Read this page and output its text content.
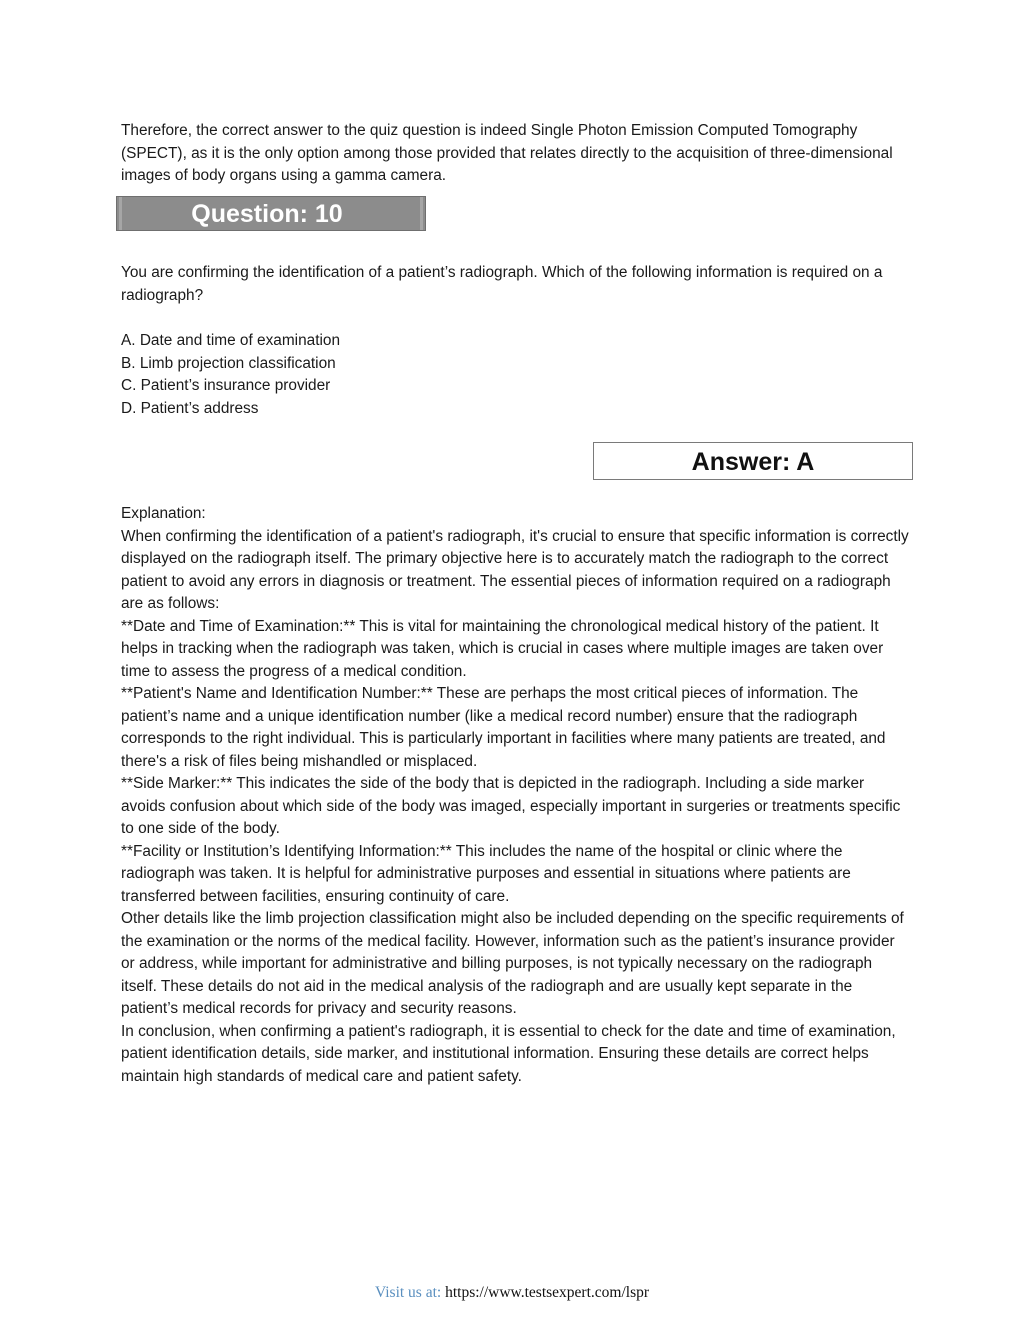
Therefore, the correct answer to the quiz question is indeed Single Photon Emission Computed Tomography (SPECT), as it is the only option among those provided that relates directly to the acquisition of three-dimensional images of body organs using a gamma camera.

Question: 10

You are confirming the identification of a patient’s radiograph. Which of the following information is required on a radiograph?

A. Date and time of examination
B. Limb projection classification
C. Patient’s insurance provider
D. Patient’s address
Answer: A

Explanation:

When confirming the identification of a patient's radiograph, it's crucial to ensure that specific information is correctly displayed on the radiograph itself. The primary objective here is to accurately match the radiograph to the correct patient to avoid any errors in diagnosis or treatment. The essential pieces of information required on a radiograph are as follows:

**Date and Time of Examination:** This is vital for maintaining the chronological medical history of the patient. It helps in tracking when the radiograph was taken, which is crucial in cases where multiple images are taken over time to assess the progress of a medical condition.

**Patient's Name and Identification Number:** These are perhaps the most critical pieces of information. The patient’s name and a unique identification number (like a medical record number) ensure that the radiograph corresponds to the right individual. This is particularly important in facilities where many patients are treated, and there's a risk of files being mishandled or misplaced.

**Side Marker:** This indicates the side of the body that is depicted in the radiograph. Including a side marker avoids confusion about which side of the body was imaged, especially important in surgeries or treatments specific to one side of the body.

**Facility or Institution’s Identifying Information:** This includes the name of the hospital or clinic where the radiograph was taken. It is helpful for administrative purposes and essential in situations where patients are transferred between facilities, ensuring continuity of care.

Other details like the limb projection classification might also be included depending on the specific requirements of the examination or the norms of the medical facility. However, information such as the patient’s insurance provider or address, while important for administrative and billing purposes, is not typically necessary on the radiograph itself. These details do not aid in the medical analysis of the radiograph and are usually kept separate in the patient’s medical records for privacy and security reasons.

In conclusion, when confirming a patient's radiograph, it is essential to check for the date and time of examination, patient identification details, side marker, and institutional information. Ensuring these details are correct helps maintain high standards of medical care and patient safety.

Visit us at: https://www.testsexpert.com/lspr
